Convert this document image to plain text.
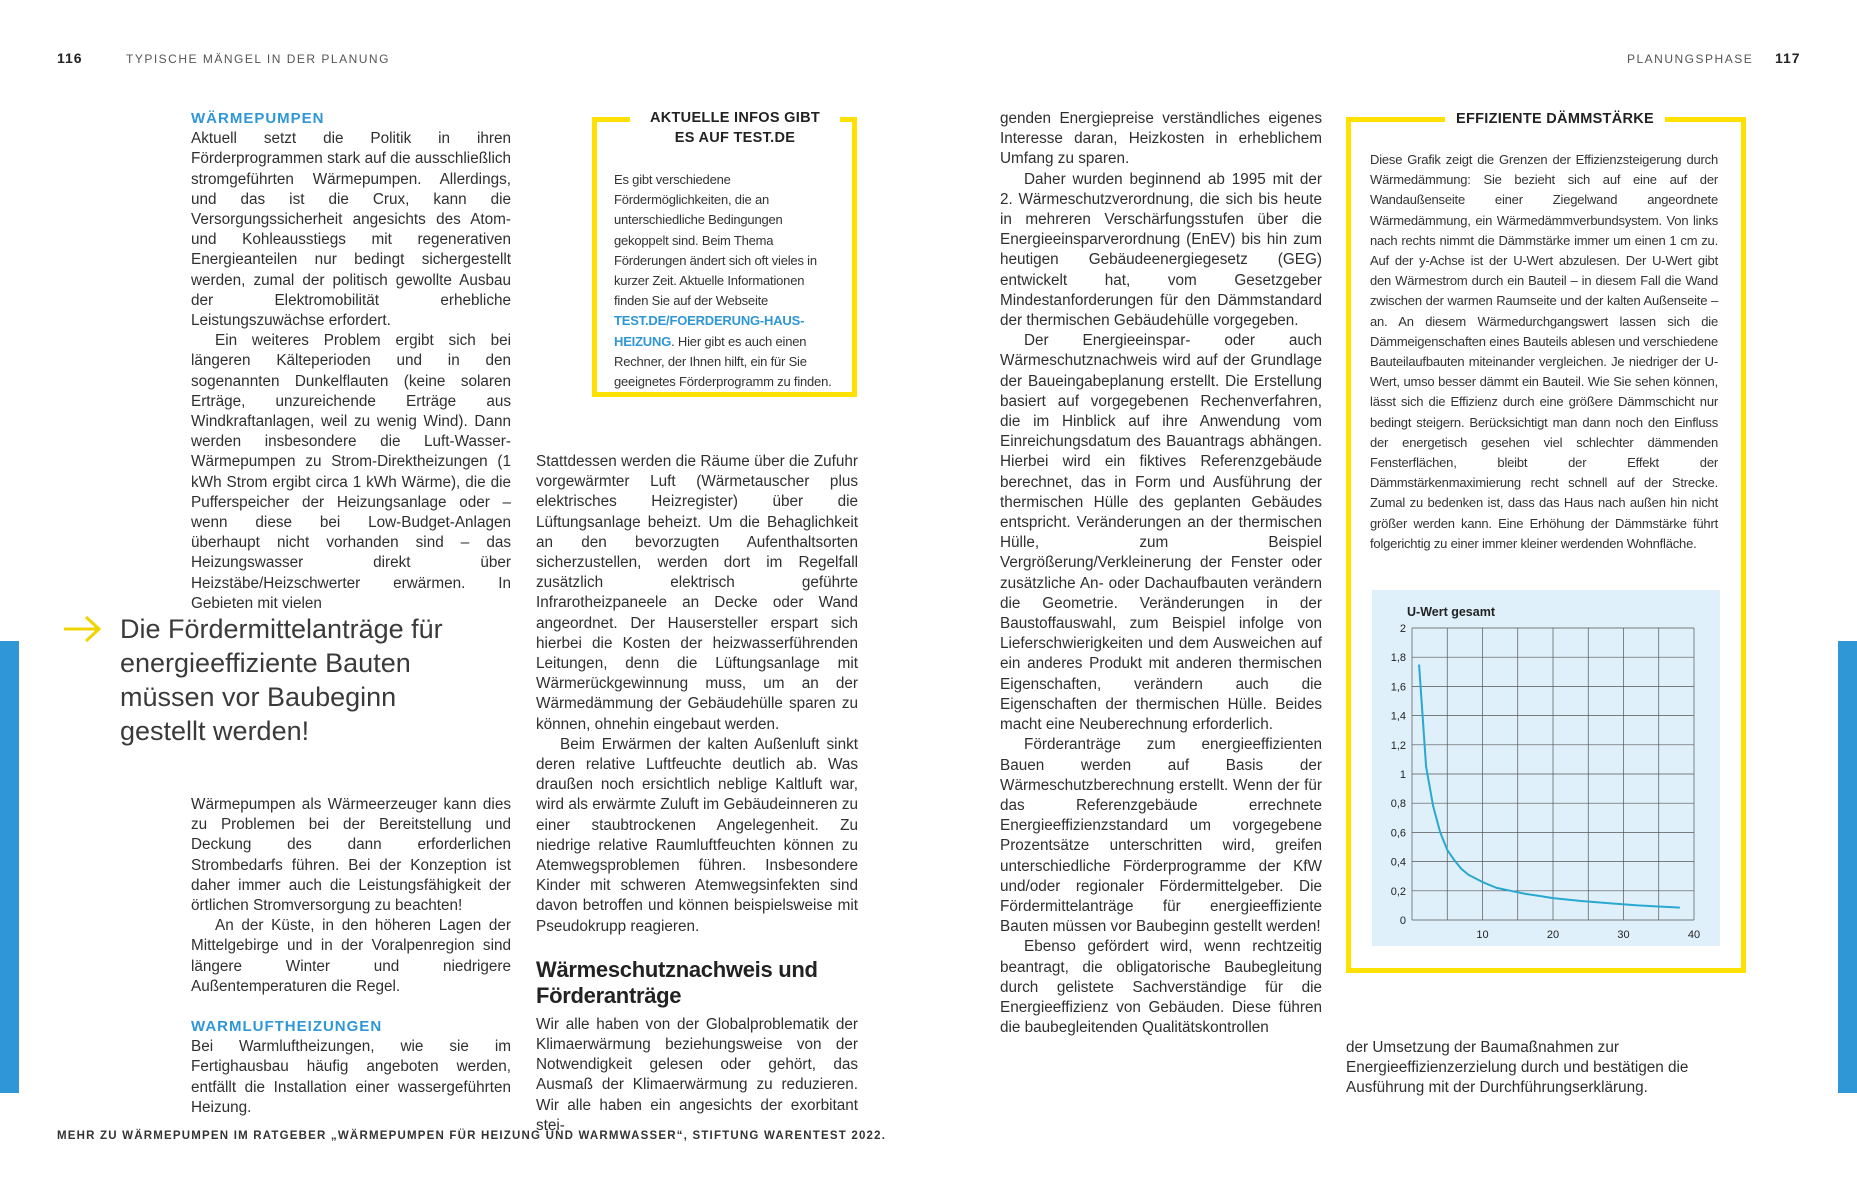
116	TYPISCHE MÄNGEL IN DER PLANUNG	PLANUNGSPHASE 117

WÄRMEPUMPEN

Aktuell setzt die Politik in ihren Förderprogrammen stark auf die ausschließlich stromgeführten Wärmepumpen. Allerdings, und das ist die Crux, kann die Versorgungssicherheit angesichts des Atom- und Kohleausstiegs mit regenerativen Energieanteilen nur bedingt sichergestellt werden, zumal der politisch gewollte Ausbau der Elektromobilität erhebliche Leistungszuwächse erfordert.

Ein weiteres Problem ergibt sich bei längeren Kälteperioden und in den sogenannten Dunkelflauten (keine solaren Erträge, unzureichende Erträge aus Windkraftanlagen, weil zu wenig Wind). Dann werden insbesondere die Luft-Wasser-Wärmepumpen zu Strom-Direktheizungen (1 kWh Strom ergibt circa 1 kWh Wärme), die die Pufferspeicher der Heizungsanlage oder – wenn diese bei Low-Budget-Anlagen überhaupt nicht vorhanden sind – das Heizungswasser direkt über Heizstäbe/Heizschwerter erwärmen. In Gebieten mit vielen

Die Fördermittelanträge für energieeffiziente Bauten müssen vor Baubeginn gestellt werden!

Wärmepumpen als Wärmeerzeuger kann dies zu Problemen bei der Bereitstellung und Deckung des dann erforderlichen Strombedarfs führen. Bei der Konzeption ist daher immer auch die Leistungsfähigkeit der örtlichen Stromversorgung zu beachten!

An der Küste, in den höheren Lagen der Mittelgebirge und in der Voralpenregion sind längere Winter und niedrigere Außentemperaturen die Regel.

WARMLUFTHEIZUNGEN

Bei Warmluftheizungen, wie sie im Fertighausbau häufig angeboten werden, entfällt die Installation einer wassergeführten Heizung.

AKTUELLE INFOS GIBT
ES AUF TEST.DE
Es gibt verschiedene Fördermöglichkeiten, die an unterschiedliche Bedingungen gekoppelt sind. Beim Thema Förderungen ändert sich oft vieles in kurzer Zeit. Aktuelle Informationen finden Sie auf der Webseite TEST.DE/FOERDERUNG-HAUS-HEIZUNG. Hier gibt es auch einen Rechner, der Ihnen hilft, ein für Sie geeignetes Förderprogramm zu finden.

Stattdessen werden die Räume über die Zufuhr vorgewärmter Luft (Wärmetauscher plus elektrisches Heizregister) über die Lüftungsanlage beheizt. Um die Behaglichkeit an den bevorzugten Aufenthaltsorten sicherzustellen, werden dort im Regelfall zusätzlich elektrisch geführte Infrarotheizpaneele an Decke oder Wand angeordnet. Der Hausersteller erspart sich hierbei die Kosten der heizwasserführenden Leitungen, denn die Lüftungsanlage mit Wärmerückgewinnung muss, um an der Wärmedämmung der Gebäudehülle sparen zu können, ohnehin eingebaut werden.

Beim Erwärmen der kalten Außenluft sinkt deren relative Luftfeuchte deutlich ab. Was draußen noch ersichtlich neblige Kaltluft war, wird als erwärmte Zuluft im Gebäudeinneren zu einer staubtrockenen Angelegenheit. Zu niedrige relative Raumluftfeuchten können zu Atemwegsproblemen führen. Insbesondere Kinder mit schweren Atemwegsinfekten sind davon betroffen und können beispielsweise mit Pseudokrupp reagieren.

Wärmeschutznachweis und Förderanträge

Wir alle haben von der Globalproblematik der Klimaerwärmung beziehungsweise von der Notwendigkeit gelesen oder gehört, das Ausmaß der Klimaerwärmung zu reduzieren. Wir alle haben ein angesichts der exorbitant stei-

genden Energiepreise verständliches eigenes Interesse daran, Heizkosten in erheblichem Umfang zu sparen.

Daher wurden beginnend ab 1995 mit der 2. Wärmeschutzverordnung, die sich bis heute in mehreren Verschärfungsstufen über die Energieeinsparverordnung (EnEV) bis hin zum heutigen Gebäudeenergiegesetz (GEG) entwickelt hat, vom Gesetzgeber Mindestanforderungen für den Dämmstandard der thermischen Gebäudehülle vorgegeben.

Der Energieeinspar- oder auch Wärmeschutznachweis wird auf der Grundlage der Baueingabeplanung erstellt. Die Erstellung basiert auf vorgegebenen Rechenverfahren, die im Hinblick auf ihre Anwendung vom Einreichungsdatum des Bauantrags abhängen. Hierbei wird ein fiktives Referenzgebäude berechnet, das in Form und Ausführung der thermischen Hülle des geplanten Gebäudes entspricht. Veränderungen an der thermischen Hülle, zum Beispiel Vergrößerung/Verkleinerung der Fenster oder zusätzliche An- oder Dachaufbauten verändern die Geometrie. Veränderungen in der Baustoffauswahl, zum Beispiel infolge von Lieferschwierigkeiten und dem Ausweichen auf ein anderes Produkt mit anderen thermischen Eigenschaften, verändern auch die Eigenschaften der thermischen Hülle. Beides macht eine Neuberechnung erforderlich.

Förderanträge zum energieeffizienten Bauen werden auf Basis der Wärmeschutzberechnung erstellt. Wenn der für das Referenzgebäude errechnete Energieeffizienzstandard um vorgegebene Prozentsätze unterschritten wird, greifen unterschiedliche Förderprogramme der KfW und/oder regionaler Fördermittelgeber. Die Fördermittelanträge für energieeffiziente Bauten müssen vor Baubeginn gestellt werden!

Ebenso gefördert wird, wenn rechtzeitig beantragt, die obligatorische Baubegleitung durch gelistete Sachverständige für die Energieeffizienz von Gebäuden. Diese führen die baubegleitenden Qualitätskontrollen

EFFIZIENTE DÄMMSTÄRKE
Diese Grafik zeigt die Grenzen der Effizienzsteigerung durch Wärmedämmung: Sie bezieht sich auf eine auf der Wandaußenseite einer Ziegelwand angeordnete Wärmedämmung, ein Wärmedämmverbundsystem. Von links nach rechts nimmt die Dämmstärke immer um einen 1 cm zu. Auf der y-Achse ist der U-Wert abzulesen. Der U-Wert gibt den Wärmestrom durch ein Bauteil – in diesem Fall die Wand zwischen der warmen Raumseite und der kalten Außenseite – an. An diesem Wärmedurchgangswert lassen sich die Dämmeigenschaften eines Bauteils ablesen und verschiedene Bauteilaufbauten miteinander vergleichen. Je niedriger der U-Wert, umso besser dämmt ein Bauteil. Wie Sie sehen können, lässt sich die Effizienz durch eine größere Dämmschicht nur bedingt steigern. Berücksichtigt man dann noch den Einfluss der energetisch gesehen viel schlechter dämmenden Fensterflächen, bleibt der Effekt der Dämmstärkenmaximierung recht schnell auf der Strecke. Zumal zu bedenken ist, dass das Haus nach außen hin nicht größer werden kann. Eine Erhöhung der Dämmstärke führt folgerichtig zu einer immer kleiner werdenden Wohnfläche.
U-Wert gesamt
0
0,2
0,4
0,6
0,8
1
1,2
1,4
1,6
1,8
2
10	20	30	40

der Umsetzung der Baumaßnahmen zur Energieeffizienzerzielung durch und bestätigen die Ausführung mit der Durchführungserklärung.

MEHR ZU WÄRMEPUMPEN IM RATGEBER „WÄRMEPUMPEN FÜR HEIZUNG UND WARMWASSER“, STIFTUNG WARENTEST 2022.
